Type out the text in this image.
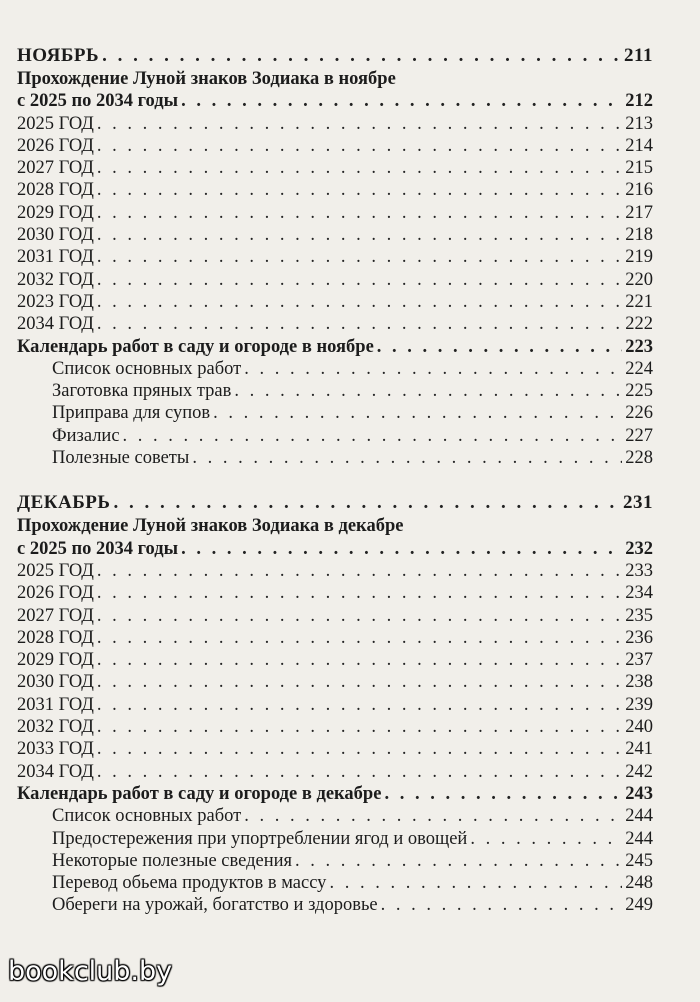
НОЯБРЬ . . .	211
Прохождение Луной знаков Зодиака в ноябре
с 2025 по 2034 годы . . .	212
2025 ГОД . . .	213
2026 ГОД . . .	214
2027 ГОД . . .	215
2028 ГОД . . .	216
2029 ГОД . . .	217
2030 ГОД . . .	218
2031 ГОД . . .	219
2032 ГОД . . .	220
2023 ГОД . . .	221
2034 ГОД . . .	222
Календарь работ в саду и огороде в ноябре . . .	223
Список основных работ . . .	224
Заготовка пряных трав . . .	225
Приправа для супов . . .	226
Физалис . . .	227
Полезные советы . . .	228
ДЕКАБРЬ . . .	231
Прохождение Луной знаков Зодиака в декабре
с 2025 по 2034 годы . . .	232
2025 ГОД . . .	233
2026 ГОД . . .	234
2027 ГОД . . .	235
2028 ГОД . . .	236
2029 ГОД . . .	237
2030 ГОД . . .	238
2031 ГОД . . .	239
2032 ГОД . . .	240
2033 ГОД . . .	241
2034 ГОД . . .	242
Календарь работ в саду и огороде в декабре . . .	243
Список основных работ . . .	244
Предостережения при упортреблении ягод и овощей . . .	244
Некоторые полезные сведения . . .	245
Перевод обьема продуктов в массу . . .	248
Обереги на урожай, богатство и здоровье . . .	249
bookclub.by
